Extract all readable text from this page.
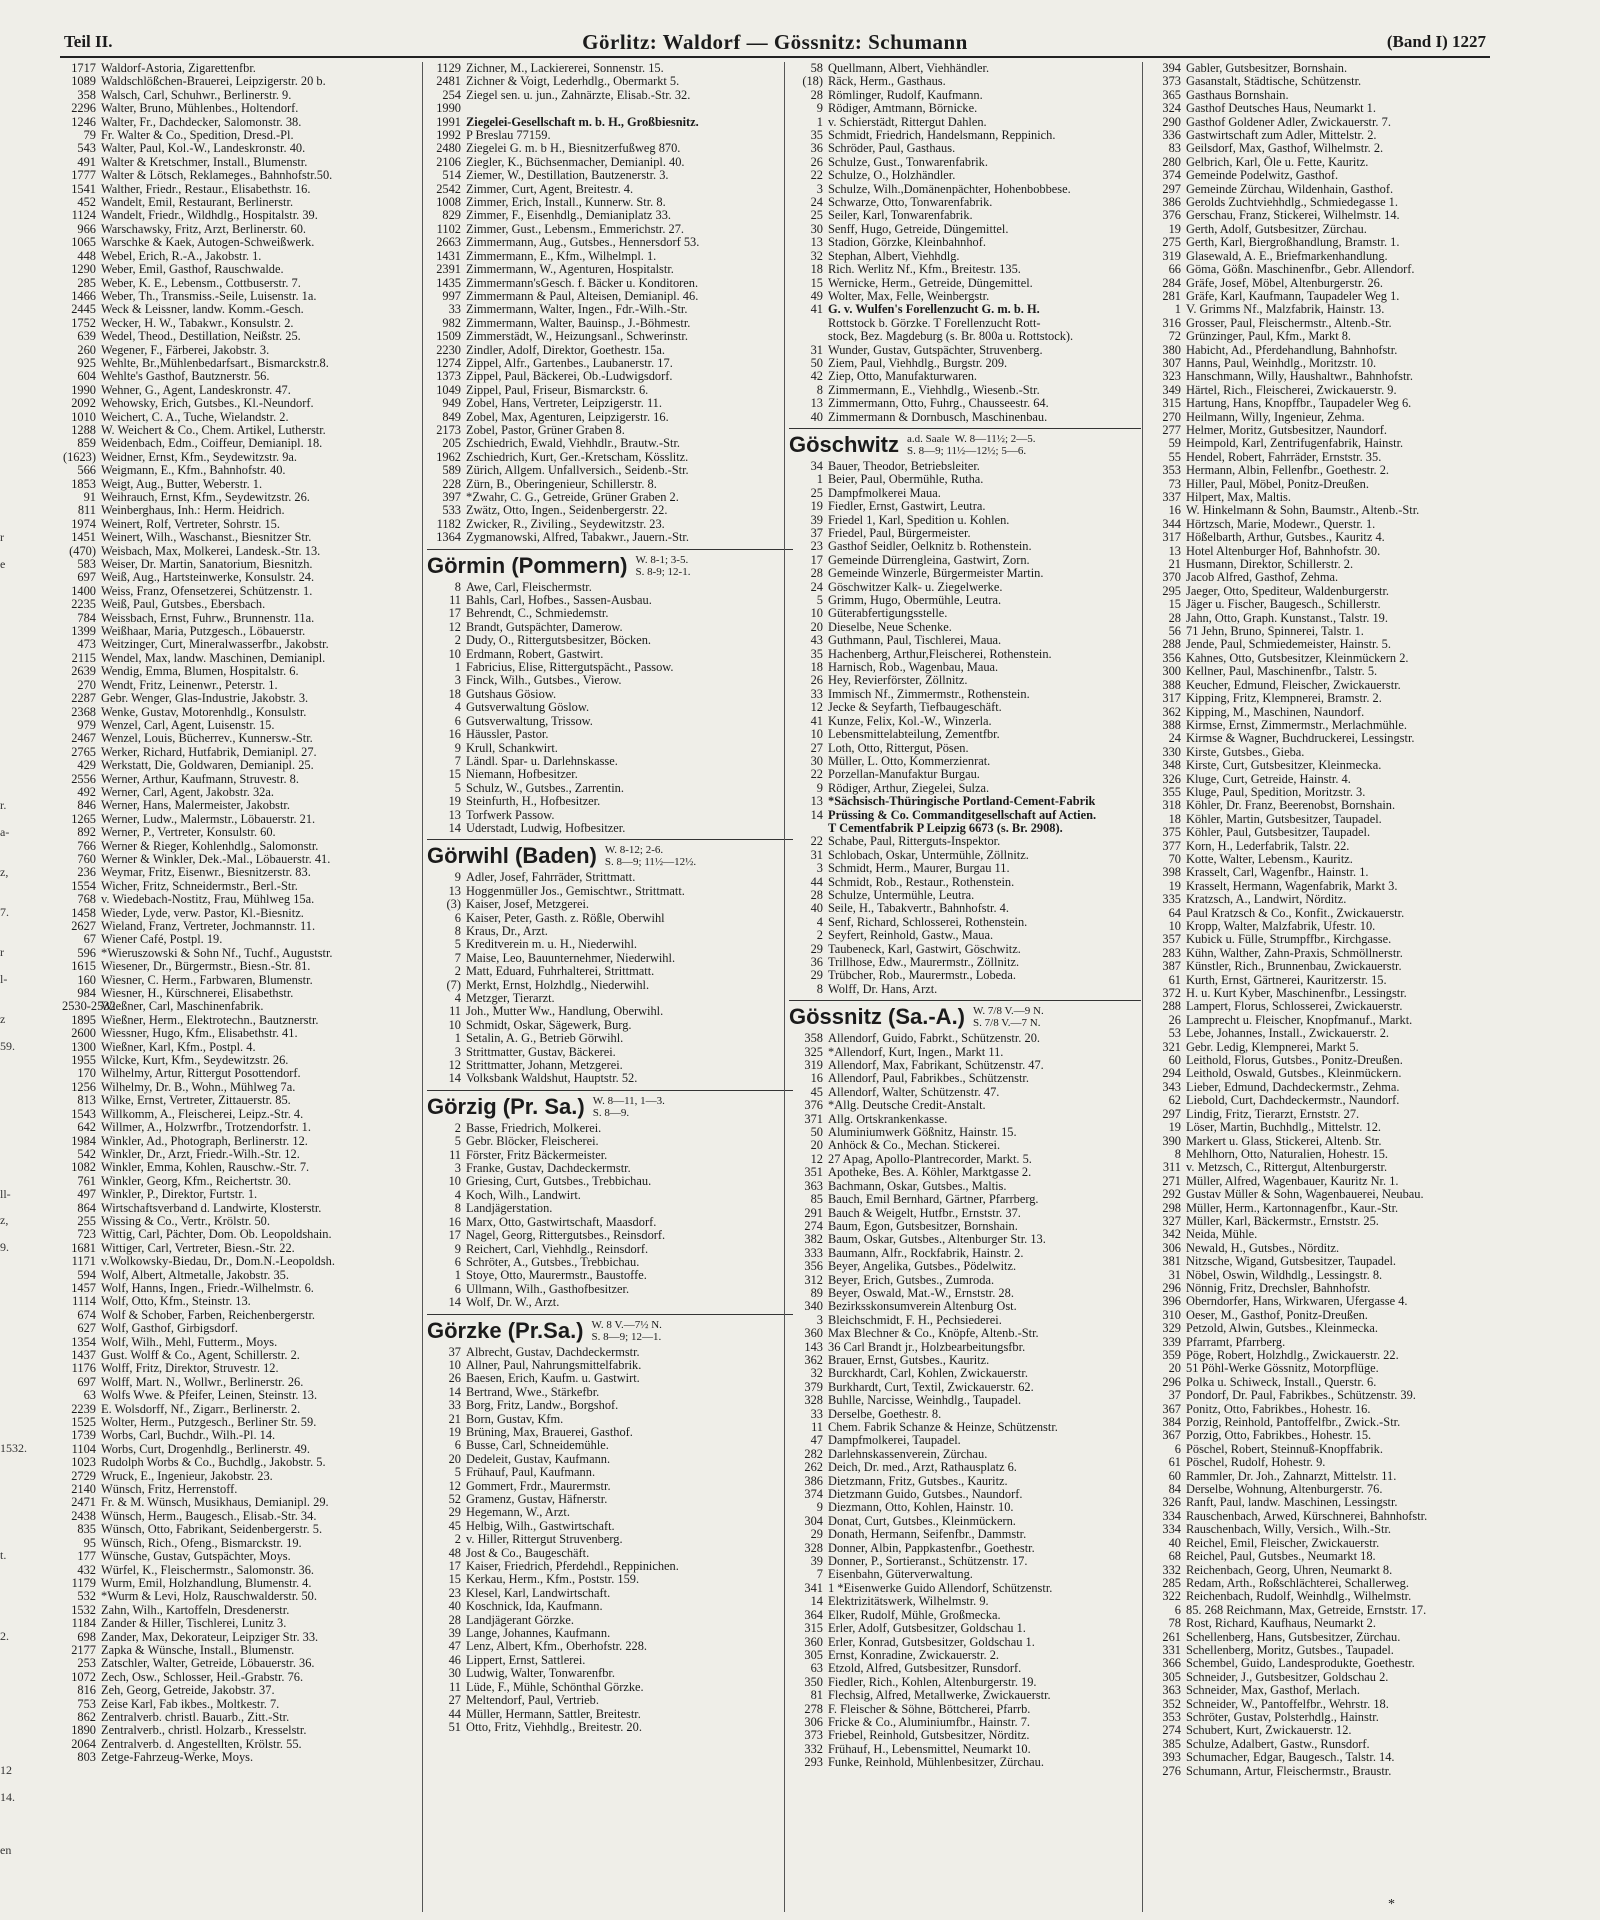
Teil II.	Görlitz: Waldorf — Gössnitz: Schumann	(Band I) 1227
r
e
r.
a-
z,
7.
r
l-
z
59.
ll-
z,
9.
1532.
t.
2.
12
14.
en
1717 Waldorf-Astoria, Zigarettenfbr.
1089 Waldschlößchen-Brauerei, Leipzigerstr. 20 b.
358 Walsch, Carl, Schuhwr., Berlinerstr. 9.
2296 Walter, Bruno, Mühlenbes., Holtendorf.
1246 Walter, Fr., Dachdecker, Salomonstr. 38.
79 Fr. Walter & Co., Spedition, Dresd.-Pl.
543 Walter, Paul, Kol.-W., Landeskronstr. 40.
491 Walter & Kretschmer, Install., Blumenstr.
1777 Walter & Lötsch, Reklameges., Bahnhofstr.50.
1541 Walther, Friedr., Restaur., Elisabethstr. 16.
452 Wandelt, Emil, Restaurant, Berlinerstr.
1124 Wandelt, Friedr., Wildhdlg., Hospitalstr. 39.
966 Warschawsky, Fritz, Arzt, Berlinerstr. 60.
1065 Warschke & Kaek, Autogen-Schweißwerk.
448 Webel, Erich, R.-A., Jakobstr. 1.
1290 Weber, Emil, Gasthof, Rauschwalde.
285 Weber, K. E., Lebensm., Cottbuserstr. 7.
1466 Weber, Th., Transmiss.-Seile, Luisenstr. 1a.
2445 Weck & Leissner, landw. Komm.-Gesch.
1752 Wecker, H. W., Tabakwr., Konsulstr. 2.
639 Wedel, Theod., Destillation, Neißstr. 25.
260 Wegener, F., Färberei, Jakobstr. 3.
925 Wehlte, Br.,Mühlenbedarfsart., Bismarckstr.8.
604 Wehlte's Gasthof, Bautznerstr. 56.
1990 Wehner, G., Agent, Landeskronstr. 47.
2092 Wehowsky, Erich, Gutsbes., Kl.-Neundorf.
1010 Weichert, C. A., Tuche, Wielandstr. 2.
1288 W. Weichert & Co., Chem. Artikel, Lutherstr.
859 Weidenbach, Edm., Coiffeur, Demianipl. 18.
(1623) Weidner, Ernst, Kfm., Seydewitzstr. 9a.
566 Weigmann, E., Kfm., Bahnhofstr. 40.
1853 Weigt, Aug., Butter, Weberstr. 1.
91 Weihrauch, Ernst, Kfm., Seydewitzstr. 26.
811 Weinberghaus, Inh.: Herm. Heidrich.
1974 Weinert, Rolf, Vertreter, Sohrstr. 15.
1451 Weinert, Wilh., Waschanst., Biesnitzer Str.
(470) Weisbach, Max, Molkerei, Landesk.-Str. 13.
583 Weiser, Dr. Martin, Sanatorium, Biesnitzh.
697 Weiß, Aug., Hartsteinwerke, Konsulstr. 24.
1400 Weiss, Franz, Ofensetzerei, Schützenstr. 1.
2235 Weiß, Paul, Gutsbes., Ebersbach.
784 Weissbach, Ernst, Fuhrw., Brunnenstr. 11a.
1399 Weißhaar, Maria, Putzgesch., Löbauerstr.
473 Weitzinger, Curt, Mineralwasserfbr., Jakobstr.
2115 Wendel, Max, landw. Maschinen, Demianipl.
2639 Wendig, Emma, Blumen, Hospitalstr. 6.
270 Wendt, Fritz, Leinenwr., Peterstr. 1.
2287 Gebr. Wenger, Glas-Industrie, Jakobstr. 3.
2368 Wenke, Gustav, Motorenhdlg., Konsulstr.
979 Wenzel, Carl, Agent, Luisenstr. 15.
2467 Wenzel, Louis, Bücherrev., Kunnersw.-Str.
2765 Werker, Richard, Hutfabrik, Demianipl. 27.
429 Werkstatt, Die, Goldwaren, Demianipl. 25.
2556 Werner, Arthur, Kaufmann, Struvestr. 8.
492 Werner, Carl, Agent, Jakobstr. 32a.
846 Werner, Hans, Malermeister, Jakobstr.
1265 Werner, Ludw., Malermstr., Löbauerstr. 21.
892 Werner, P., Vertreter, Konsulstr. 60.
766 Werner & Rieger, Kohlenhdlg., Salomonstr.
760 Werner & Winkler, Dek.-Mal., Löbauerstr. 41.
236 Weymar, Fritz, Eisenwr., Biesnitzerstr. 83.
1554 Wicher, Fritz, Schneidermstr., Berl.-Str.
768 v. Wiedebach-Nostitz, Frau, Mühlweg 15a.
1458 Wieder, Lyde, verw. Pastor, Kl.-Biesnitz.
2627 Wieland, Franz, Vertreter, Jochmannstr. 11.
67 Wiener Café, Postpl. 19.
596 *Wieruszowski & Sohn Nf., Tuchf., Auguststr.
1615 Wiesener, Dr., Bürgermstr., Biesn.-Str. 81.
160 Wiesner, C. Herm., Farbwaren, Blumenstr.
984 Wiesner, H., Kürschnerei, Elisabethstr.
2530-2532
Wießner, Carl, Maschinenfabrik.
1895 Wießner, Herm., Elektrotechn., Bautznerstr.
2600 Wiessner, Hugo, Kfm., Elisabethstr. 41.
1300 Wießner, Karl, Kfm., Postpl. 4.
1955 Wilcke, Kurt, Kfm., Seydewitzstr. 26.
170 Wilhelmy, Artur, Rittergut Posottendorf.
1256 Wilhelmy, Dr. B., Wohn., Mühlweg 7a.
813 Wilke, Ernst, Vertreter, Zittauerstr. 85.
1543 Willkomm, A., Fleischerei, Leipz.-Str. 4.
642 Willmer, A., Holzwrfbr., Trotzendorfstr. 1.
1984 Winkler, Ad., Photograph, Berlinerstr. 12.
542 Winkler, Dr., Arzt, Friedr.-Wilh.-Str. 12.
1082 Winkler, Emma, Kohlen, Rauschw.-Str. 7.
761 Winkler, Georg, Kfm., Reichertstr. 30.
497 Winkler, P., Direktor, Furtstr. 1.
864 Wirtschaftsverband d. Landwirte, Klosterstr.
255 Wissing & Co., Vertr., Krölstr. 50.
723 Wittig, Carl, Pächter, Dom. Ob. Leopoldshain.
1681 Wittiger, Carl, Vertreter, Biesn.-Str. 22.
1171 v.Wolkowsky-Biedau, Dr., Dom.N.-Leopoldsh.
594 Wolf, Albert, Altmetalle, Jakobstr. 35.
1457 Wolf, Hanns, Ingen., Friedr.-Wilhelmstr. 6.
1114 Wolf, Otto, Kfm., Steinstr. 13.
674 Wolf & Schober, Farben, Reichenbergerstr.
627 Wolf, Gasthof, Girbigsdorf.
1354 Wolf, Wilh., Mehl, Futterm., Moys.
1437 Gust. Wolff & Co., Agent, Schillerstr. 2.
1176 Wolff, Fritz, Direktor, Struvestr. 12.
697 Wolff, Mart. N., Wollwr., Berlinerstr. 26.
63 Wolfs Wwe. & Pfeifer, Leinen, Steinstr. 13.
2239 E. Wolsdorff, Nf., Zigarr., Berlinerstr. 2.
1525 Wolter, Herm., Putzgesch., Berliner Str. 59.
1739 Worbs, Carl, Buchdr., Wilh.-Pl. 14.
1104 Worbs, Curt, Drogenhdlg., Berlinerstr. 49.
1023 Rudolph Worbs & Co., Buchdlg., Jakobstr. 5.
2729 Wruck, E., Ingenieur, Jakobstr. 23.
2140 Wünsch, Fritz, Herrenstoff.
2471 Fr. & M. Wünsch, Musikhaus, Demianipl. 29.
2438 Wünsch, Herm., Baugesch., Elisab.-Str. 34.
835 Wünsch, Otto, Fabrikant, Seidenbergerstr. 5.
95 Wünsch, Rich., Ofeng., Bismarckstr. 19.
177 Wünsche, Gustav, Gutspächter, Moys.
432 Würfel, K., Fleischermstr., Salomonstr. 36.
1179 Wurm, Emil, Holzhandlung, Blumenstr. 4.
532 *Wurm & Levi, Holz, Rauschwalderstr. 50.
1532 Zahn, Wilh., Kartoffeln, Dresdenerstr.
1184 Zander & Hiller, Tischlerei, Lunitz 3.
698 Zander, Max, Dekorateur, Leipziger Str. 33.
2177 Zapka & Wünsche, Install., Blumenstr.
253 Zatschler, Walter, Getreide, Löbauerstr. 36.
1072 Zech, Osw., Schlosser, Heil.-Grabstr. 76.
816 Zeh, Georg, Getreide, Jakobstr. 37.
753 Zeise Karl, Fab ikbes., Moltkestr. 7.
862 Zentralverb. christl. Bauarb., Zitt.-Str.
1890 Zentralverb., christl. Holzarb., Kresselstr.
2064 Zentralverb. d. Angestellten, Krölstr. 55.
803 Zetge-Fahrzeug-Werke, Moys.
1129 Zichner, M., Lackiererei, Sonnenstr. 15.
2481 Zichner & Voigt, Lederhdlg., Obermarkt 5.
254 Ziegel sen. u. jun., Zahnärzte, Elisab.-Str. 32.
1990
1991 Ziegelei-Gesellschaft m. b. H., Großbiesnitz.
1992 P Breslau 77159.
2480 Ziegelei G. m. b H., Biesnitzerfußweg 870.
2106 Ziegler, K., Büchsenmacher, Demianipl. 40.
514 Ziemer, W., Destillation, Bautzenerstr. 3.
2542 Zimmer, Curt, Agent, Breitestr. 4.
1008 Zimmer, Erich, Install., Kunnerw. Str. 8.
829 Zimmer, F., Eisenhdlg., Demianiplatz 33.
1102 Zimmer, Gust., Lebensm., Emmerichstr. 27.
2663 Zimmermann, Aug., Gutsbes., Hennersdorf 53.
1431 Zimmermann, E., Kfm., Wilhelmpl. 1.
2391 Zimmermann, W., Agenturen, Hospitalstr.
1435 Zimmermann'sGesch. f. Bäcker u. Konditoren.
997 Zimmermann & Paul, Alteisen, Demianipl. 46.
33 Zimmermann, Walter, Ingen., Fdr.-Wilh.-Str.
982 Zimmermann, Walter, Bauinsp., J.-Böhmestr.
1509 Zimmerstädt, W., Heizungsanl., Schwerinstr.
2230 Zindler, Adolf, Direktor, Goethestr. 15a.
1274 Zippel, Alfr., Gartenbes., Laubanerstr. 17.
1373 Zippel, Paul, Bäckerei, Ob.-Ludwigsdorf.
1049 Zippel, Paul, Friseur, Bismarckstr. 6.
949 Zobel, Hans, Vertreter, Leipzigerstr. 11.
849 Zobel, Max, Agenturen, Leipzigerstr. 16.
2173 Zobel, Pastor, Grüner Graben 8.
205 Zschiedrich, Ewald, Viehhdlr., Brautw.-Str.
1962 Zschiedrich, Kurt, Ger.-Kretscham, Kösslitz.
589 Zürich, Allgem. Unfallversich., Seidenb.-Str.
228 Zürn, B., Oberingenieur, Schillerstr. 8.
397 *Zwahr, C. G., Getreide, Grüner Graben 2.
533 Zwätz, Otto, Ingen., Seidenbergerstr. 22.
1182 Zwicker, R., Ziviling., Seydewitzstr. 23.
1364 Zygmanowski, Alfred, Tabakwr., Jauern.-Str.
Görmin (Pommern) W. 8-1; 3-5.
S. 8-9; 12-1.
8 Awe, Carl, Fleischermstr.
11 Bahls, Carl, Hofbes., Sassen-Ausbau.
17 Behrendt, C., Schmiedemstr.
12 Brandt, Gutspächter, Damerow.
2 Dudy, O., Rittergutsbesitzer, Böcken.
10 Erdmann, Robert, Gastwirt.
1 Fabricius, Elise, Rittergutspächt., Passow.
3 Finck, Wilh., Gutsbes., Vierow.
18 Gutshaus Gösiow.
4 Gutsverwaltung Göslow.
6 Gutsverwaltung, Trissow.
16 Häussler, Pastor.
9 Krull, Schankwirt.
7 Ländl. Spar- u. Darlehnskasse.
15 Niemann, Hofbesitzer.
5 Schulz, W., Gutsbes., Zarrentin.
19 Steinfurth, H., Hofbesitzer.
13 Torfwerk Passow.
14 Uderstadt, Ludwig, Hofbesitzer.
Görwihl (Baden) W. 8-12; 2-6.
S. 8—9; 11½—12½.
9 Adler, Josef, Fahrräder, Strittmatt.
13 Hoggenmüller Jos., Gemischtwr., Strittmatt.
(3) Kaiser, Josef, Metzgerei.
6 Kaiser, Peter, Gasth. z. Rößle, Oberwihl
8 Kraus, Dr., Arzt.
5 Kreditverein m. u. H., Niederwihl.
7 Maise, Leo, Bauunternehmer, Niederwihl.
2 Matt, Eduard, Fuhrhalterei, Strittmatt.
(7) Merkt, Ernst, Holzhdlg., Niederwihl.
4 Metzger, Tierarzt.
11 Joh., Mutter Ww., Handlung, Oberwihl.
10 Schmidt, Oskar, Sägewerk, Burg.
1 Setalin, A. G., Betrieb Görwihl.
3 Strittmatter, Gustav, Bäckerei.
12 Strittmatter, Johann, Metzgerei.
14 Volksbank Waldshut, Hauptstr. 52.
Görzig (Pr. Sa.) W. 8—11, 1—3.
S. 8—9.
2 Basse, Friedrich, Molkerei.
5 Gebr. Blöcker, Fleischerei.
11 Förster, Fritz Bäckermeister.
3 Franke, Gustav, Dachdeckermstr.
10 Griesing, Curt, Gutsbes., Trebbichau.
4 Koch, Wilh., Landwirt.
8 Landjägerstation.
16 Marx, Otto, Gastwirtschaft, Maasdorf.
17 Nagel, Georg, Rittergutsbes., Reinsdorf.
9 Reichert, Carl, Viehhdlg., Reinsdorf.
6 Schröter, A., Gutsbes., Trebbichau.
1 Stoye, Otto, Maurermstr., Baustoffe.
6 Ullmann, Wilh., Gasthofbesitzer.
14 Wolf, Dr. W., Arzt.
Görzke (Pr.Sa.) W. 8 V.—7½ N.
S. 8—9; 12—1.
37 Albrecht, Gustav, Dachdeckermstr.
10 Allner, Paul, Nahrungsmittelfabrik.
26 Baesen, Erich, Kaufm. u. Gastwirt.
14 Bertrand, Wwe., Stärkefbr.
33 Borg, Fritz, Landw., Borgshof.
21 Born, Gustav, Kfm.
19 Brüning, Max, Brauerei, Gasthof.
6 Busse, Carl, Schneidemühle.
20 Dedeleit, Gustav, Kaufmann.
5 Frühauf, Paul, Kaufmann.
12 Gommert, Frdr., Maurermstr.
52 Gramenz, Gustav, Häfnerstr.
29 Hegemann, W., Arzt.
45 Helbig, Wilh., Gastwirtschaft.
2 v. Hiller, Rittergut Struvenberg.
48 Jost & Co., Baugeschäft.
17 Kaiser, Friedrich, Pferdehdl., Reppinichen.
15 Kerkau, Herm., Kfm., Poststr. 159.
23 Klesel, Karl, Landwirtschaft.
40 Koschnick, Ida, Kaufmann.
28 Landjägerant Görzke.
39 Lange, Johannes, Kaufmann.
47 Lenz, Albert, Kfm., Oberhofstr. 228.
46 Lippert, Ernst, Sattlerei.
30 Ludwig, Walter, Tonwarenfbr.
11 Lüde, F., Mühle, Schönthal Görzke.
27 Meltendorf, Paul, Vertrieb.
44 Müller, Hermann, Sattler, Breitestr.
51 Otto, Fritz, Viehhdlg., Breitestr. 20.
58 Quellmann, Albert, Viehhändler.
(18) Räck, Herm., Gasthaus.
28 Römlinger, Rudolf, Kaufmann.
9 Rödiger, Amtmann, Börnicke.
1 v. Schierstädt, Rittergut Dahlen.
35 Schmidt, Friedrich, Handelsmann, Reppinich.
36 Schröder, Paul, Gasthaus.
26 Schulze, Gust., Tonwarenfabrik.
22 Schulze, O., Holzhändler.
3 Schulze, Wilh.,Domänenpächter, Hohenbobbese.
24 Schwarze, Otto, Tonwarenfabrik.
25 Seiler, Karl, Tonwarenfabrik.
30 Senff, Hugo, Getreide, Düngemittel.
13 Stadion, Görzke, Kleinbahnhof.
32 Stephan, Albert, Viehhdlg.
18 Rich. Werlitz Nf., Kfm., Breitestr. 135.
15 Wernicke, Herm., Getreide, Düngemittel.
49 Wolter, Max, Felle, Weinbergstr.
41 G. v. Wulfen's Forellenzucht G. m. b. H.
Rottstock b. Görzke. T Forellenzucht Rott-
stock, Bez. Magdeburg (s. Br. 800a u. Rottstock).
31 Wunder, Gustav, Gutspächter, Struvenberg.
50 Ziem, Paul, Viehhdlg., Burgstr. 209.
42 Ziep, Otto, Manufakturwaren.
8 Zimmermann, E., Viehhdlg., Wiesenb.-Str.
13 Zimmermann, Otto, Fuhrg., Chausseestr. 64.
40 Zimmermann & Dornbusch, Maschinenbau.
Göschwitz a.d. Saale  W. 8—11½; 2—5.
S. 8—9; 11½—12½; 5—6.
34 Bauer, Theodor, Betriebsleiter.
1 Beier, Paul, Obermühle, Rutha.
25 Dampfmolkerei Maua.
19 Fiedler, Ernst, Gastwirt, Leutra.
39 Friedel 1, Karl, Spedition u. Kohlen.
37 Friedel, Paul, Bürgermeister.
23 Gasthof Seidler, Oelknitz b. Rothenstein.
17 Gemeinde Dürrengleina, Gastwirt, Zorn.
28 Gemeinde Winzerle, Bürgermeister Martin.
24 Göschwitzer Kalk- u. Ziegelwerke.
5 Grimm, Hugo, Obermühle, Leutra.
10 Güterabfertigungsstelle.
20 Dieselbe, Neue Schenke.
43 Guthmann, Paul, Tischlerei, Maua.
35 Hachenberg, Arthur,Fleischerei, Rothenstein.
18 Harnisch, Rob., Wagenbau, Maua.
26 Hey, Revierförster, Zöllnitz.
33 Immisch Nf., Zimmermstr., Rothenstein.
12 Jecke & Seyfarth, Tiefbaugeschäft.
41 Kunze, Felix, Kol.-W., Winzerla.
10 Lebensmittelabteilung, Zementfbr.
27 Loth, Otto, Rittergut, Pösen.
30 Müller, L. Otto, Kommerzienrat.
22 Porzellan-Manufaktur Burgau.
9 Rödiger, Arthur, Ziegelei, Sulza.
13 *Sächsisch-Thüringische Portland-Cement-Fabrik
14 Prüssing & Co. Commanditgesellschaft auf Actien.
T Cementfabrik P Leipzig 6673 (s. Br. 2908).
22 Schabe, Paul, Ritterguts-Inspektor.
31 Schlobach, Oskar, Untermühle, Zöllnitz.
3 Schmidt, Herm., Maurer, Burgau 11.
44 Schmidt, Rob., Restaur., Rothenstein.
28 Schulze, Untermühle, Leutra.
40 Seile, H., Tabakvertr., Bahnhofstr. 4.
4 Senf, Richard, Schlosserei, Rothenstein.
2 Seyfert, Reinhold, Gastw., Maua.
29 Taubeneck, Karl, Gastwirt, Göschwitz.
36 Trillhose, Edw., Maurermstr., Zöllnitz.
29 Trübcher, Rob., Maurermstr., Lobeda.
8 Wolff, Dr. Hans, Arzt.
Gössnitz (Sa.-A.) W. 7/8 V.—9 N.
S. 7/8 V.—7 N.
358 Allendorf, Guido, Fabrkt., Schützenstr. 20.
325 *Allendorf, Kurt, Ingen., Markt 11.
319 Allendorf, Max, Fabrikant, Schützenstr. 47.
16 Allendorf, Paul, Fabrikbes., Schützenstr.
45 Allendorf, Walter, Schützenstr. 47.
376 *Allg. Deutsche Credit-Anstalt.
371 Allg. Ortskrankenkasse.
50 Aluminiumwerk Gößnitz, Hainstr. 15.
20 Anhöck & Co., Mechan. Stickerei.
12 27 Apag, Apollo-Plantrecorder, Markt. 5.
351 Apotheke, Bes. A. Köhler, Marktgasse 2.
363 Bachmann, Oskar, Gutsbes., Maltis.
85 Bauch, Emil Bernhard, Gärtner, Pfarrberg.
291 Bauch & Weigelt, Hutfbr., Ernststr. 37.
274 Baum, Egon, Gutsbesitzer, Bornshain.
382 Baum, Oskar, Gutsbes., Altenburger Str. 13.
333 Baumann, Alfr., Rockfabrik, Hainstr. 2.
356 Beyer, Angelika, Gutsbes., Pödelwitz.
312 Beyer, Erich, Gutsbes., Zumroda.
89 Beyer, Oswald, Mat.-W., Ernststr. 28.
340 Bezirksskonsumverein Altenburg Ost.
3 Bleichschmidt, F. H., Pechsiederei.
360 Max Blechner & Co., Knöpfe, Altenb.-Str.
143 36 Carl Brandt jr., Holzbearbeitungsfbr.
362 Brauer, Ernst, Gutsbes., Kauritz.
32 Burckhardt, Carl, Kohlen, Zwickauerstr.
379 Burkhardt, Curt, Textil, Zwickauerstr. 62.
328 Buhlle, Narcisse, Weinhdlg., Taupadel.
33 Derselbe, Goethestr. 8.
11 Chem. Fabrik Schanze & Heinze, Schützenstr.
47 Dampfmolkerei, Taupadel.
282 Darlehnskassenverein, Zürchau.
262 Deich, Dr. med., Arzt, Rathausplatz 6.
386 Dietzmann, Fritz, Gutsbes., Kauritz.
374 Dietzmann Guido, Gutsbes., Naundorf.
9 Diezmann, Otto, Kohlen, Hainstr. 10.
304 Donat, Curt, Gutsbes., Kleinmückern.
29 Donath, Hermann, Seifenfbr., Dammstr.
328 Donner, Albin, Pappkastenfbr., Goethestr.
39 Donner, P., Sortieranst., Schützenstr. 17.
7 Eisenbahn, Güterverwaltung.
341 1 *Eisenwerke Guido Allendorf, Schützenstr.
14 Elektrizitätswerk, Wilhelmstr. 9.
364 Elker, Rudolf, Mühle, Großmecka.
315 Erler, Adolf, Gutsbesitzer, Goldschau 1.
360 Erler, Konrad, Gutsbesitzer, Goldschau 1.
305 Ernst, Konradine, Zwickauerstr. 2.
63 Etzold, Alfred, Gutsbesitzer, Runsdorf.
350 Fiedler, Rich., Kohlen, Altenburgerstr. 19.
81 Flechsig, Alfred, Metallwerke, Zwickauerstr.
278 F. Fleischer & Söhne, Böttcherei, Pfarrb.
306 Fricke & Co., Aluminiumfbr., Hainstr. 7.
373 Friebel, Reinhold, Gutsbesitzer, Nörditz.
332 Frühauf, H., Lebensmittel, Neumarkt 10.
293 Funke, Reinhold, Mühlenbesitzer, Zürchau.
394 Gabler, Gutsbesitzer, Bornshain.
373 Gasanstalt, Städtische, Schützenstr.
365 Gasthaus Bornshain.
324 Gasthof Deutsches Haus, Neumarkt 1.
290 Gasthof Goldener Adler, Zwickauerstr. 7.
336 Gastwirtschaft zum Adler, Mittelstr. 2.
83 Geilsdorf, Max, Gasthof, Wilhelmstr. 2.
280 Gelbrich, Karl, Öle u. Fette, Kauritz.
374 Gemeinde Podelwitz, Gasthof.
297 Gemeinde Zürchau, Wildenhain, Gasthof.
386 Gerolds Zuchtviehhdlg., Schmiedegasse 1.
376 Gerschau, Franz, Stickerei, Wilhelmstr. 14.
19 Gerth, Adolf, Gutsbesitzer, Zürchau.
275 Gerth, Karl, Biergroßhandlung, Bramstr. 1.
319 Glasewald, A. E., Briefmarkenhandlung.
66 Göma, Gößn. Maschinenfbr., Gebr. Allendorf.
284 Gräfe, Josef, Möbel, Altenburgerstr. 26.
281 Gräfe, Karl, Kaufmann, Taupadeler Weg 1.
1 V. Grimms Nf., Malzfabrik, Hainstr. 13.
316 Grosser, Paul, Fleischermstr., Altenb.-Str.
72 Grünzinger, Paul, Kfm., Markt 8.
380 Habicht, Ad., Pferdehandlung, Bahnhofstr.
307 Hanns, Paul, Weinhdlg., Moritzstr. 10.
323 Hanschmann, Willy, Haushaltwr., Bahnhofstr.
349 Härtel, Rich., Fleischerei, Zwickauerstr. 9.
315 Hartung, Hans, Knopffbr., Taupadeler Weg 6.
270 Heilmann, Willy, Ingenieur, Zehma.
277 Helmer, Moritz, Gutsbesitzer, Naundorf.
59 Heimpold, Karl, Zentrifugenfabrik, Hainstr.
55 Hendel, Robert, Fahrräder, Ernststr. 35.
353 Hermann, Albin, Fellenfbr., Goethestr. 2.
73 Hiller, Paul, Möbel, Ponitz-Dreußen.
337 Hilpert, Max, Maltis.
16 W. Hinkelmann & Sohn, Baumstr., Altenb.-Str.
344 Hörtzsch, Marie, Modewr., Querstr. 1.
317 Hößelbarth, Arthur, Gutsbes., Kauritz 4.
13 Hotel Altenburger Hof, Bahnhofstr. 30.
21 Husmann, Direktor, Schillerstr. 2.
370 Jacob Alfred, Gasthof, Zehma.
295 Jaeger, Otto, Spediteur, Waldenburgerstr.
15 Jäger u. Fischer, Baugesch., Schillerstr.
28 Jahn, Otto, Graph. Kunstanst., Talstr. 19.
56 71 Jehn, Bruno, Spinnerei, Talstr. 1.
288 Jende, Paul, Schmiedemeister, Hainstr. 5.
356 Kahnes, Otto, Gutsbesitzer, Kleinmückern 2.
300 Kellner, Paul, Maschinenfbr., Talstr. 5.
388 Keucher, Edmund, Fleischer, Zwickauerstr.
317 Kipping, Fritz, Klempnerei, Bramstr. 2.
362 Kipping, M., Maschinen, Naundorf.
388 Kirmse, Ernst, Zimmermstr., Merlachmühle.
24 Kirmse & Wagner, Buchdruckerei, Lessingstr.
330 Kirste, Gutsbes., Gieba.
348 Kirste, Curt, Gutsbesitzer, Kleinmecka.
326 Kluge, Curt, Getreide, Hainstr. 4.
355 Kluge, Paul, Spedition, Moritzstr. 3.
318 Köhler, Dr. Franz, Beerenobst, Bornshain.
18 Köhler, Martin, Gutsbesitzer, Taupadel.
375 Köhler, Paul, Gutsbesitzer, Taupadel.
377 Korn, H., Lederfabrik, Talstr. 22.
70 Kotte, Walter, Lebensm., Kauritz.
398 Krasselt, Carl, Wagenfbr., Hainstr. 1.
19 Krasselt, Hermann, Wagenfabrik, Markt 3.
335 Kratzsch, A., Landwirt, Nörditz.
64 Paul Kratzsch & Co., Konfit., Zwickauerstr.
10 Kropp, Walter, Malzfabrik, Ufestr. 10.
357 Kubick u. Fülle, Strumpffbr., Kirchgasse.
283 Kühn, Walther, Zahn-Praxis, Schmöllnerstr.
387 Künstler, Rich., Brunnenbau, Zwickauerstr.
61 Kurth, Ernst, Gärtnerei, Kauritzerstr. 15.
372 H. u. Kurt Kyber, Maschinenfbr., Lessingstr.
288 Lampert, Florus, Schlosserei, Zwickauerstr.
26 Lamprecht u. Fleischer, Knopfmanuf., Markt.
53 Lebe, Johannes, Install., Zwickauerstr. 2.
321 Gebr. Ledig, Klempnerei, Markt 5.
60 Leithold, Florus, Gutsbes., Ponitz-Dreußen.
294 Leithold, Oswald, Gutsbes., Kleinmückern.
343 Lieber, Edmund, Dachdeckermstr., Zehma.
62 Liebold, Curt, Dachdeckermstr., Naundorf.
297 Lindig, Fritz, Tierarzt, Ernststr. 27.
19 Löser, Martin, Buchhdlg., Mittelstr. 12.
390 Markert u. Glass, Stickerei, Altenb. Str.
8 Mehlhorn, Otto, Naturalien, Hohestr. 15.
311 v. Metzsch, C., Rittergut, Altenburgerstr.
271 Müller, Alfred, Wagenbauer, Kauritz Nr. 1.
292 Gustav Müller & Sohn, Wagenbauerei, Neubau.
298 Müller, Herm., Kartonnagenfbr., Kaur.-Str.
327 Müller, Karl, Bäckermstr., Ernststr. 25.
342 Neida, Mühle.
306 Newald, H., Gutsbes., Nörditz.
381 Nitzsche, Wigand, Gutsbesitzer, Taupadel.
31 Nöbel, Oswin, Wildhdlg., Lessingstr. 8.
296 Nönnig, Fritz, Drechsler, Bahnhofstr.
396 Oberndorfer, Hans, Wirkwaren, Ufergasse 4.
310 Oeser, M., Gasthof, Ponitz-Dreußen.
329 Petzold, Alwin, Gutsbes., Kleinmecka.
339 Pfarramt, Pfarrberg.
359 Pöge, Robert, Holzhdlg., Zwickauerstr. 22.
20 51 Pöhl-Werke Gössnitz, Motorpflüge.
296 Polka u. Schiweck, Install., Querstr. 6.
37 Pondorf, Dr. Paul, Fabrikbes., Schützenstr. 39.
367 Ponitz, Otto, Fabrikbes., Hohestr. 16.
384 Porzig, Reinhold, Pantoffelfbr., Zwick.-Str.
367 Porzig, Otto, Fabrikbes., Hohestr. 15.
6 Pöschel, Robert, Steinnuß-Knopffabrik.
61 Pöschel, Rudolf, Hohestr. 9.
60 Rammler, Dr. Joh., Zahnarzt, Mittelstr. 11.
84 Derselbe, Wohnung, Altenburgerstr. 76.
326 Ranft, Paul, landw. Maschinen, Lessingstr.
334 Rauschenbach, Arwed, Kürschnerei, Bahnhofstr.
334 Rauschenbach, Willy, Versich., Wilh.-Str.
40 Reichel, Emil, Fleischer, Zwickauerstr.
68 Reichel, Paul, Gutsbes., Neumarkt 18.
332 Reichenbach, Georg, Uhren, Neumarkt 8.
285 Redam, Arth., Roßschlächterei, Schallerweg.
322 Reichenbach, Rudolf, Weinhdlg., Wilhelmstr.
6 85. 268 Reichmann, Max, Getreide, Ernststr. 17.
78 Rost, Richard, Kaufhaus, Neumarkt 2.
261 Schellenberg, Hans, Gutsbesitzer, Zürchau.
331 Schellenberg, Moritz, Gutsbes., Taupadel.
366 Schembel, Guido, Landesprodukte, Goethestr.
305 Schneider, J., Gutsbesitzer, Goldschau 2.
363 Schneider, Max, Gasthof, Merlach.
352 Schneider, W., Pantoffelfbr., Wehrstr. 18.
353 Schröter, Gustav, Polsterhdlg., Hainstr.
274 Schubert, Kurt, Zwickauerstr. 12.
385 Schulze, Adalbert, Gastw., Runsdorf.
393 Schumacher, Edgar, Baugesch., Talstr. 14.
276 Schumann, Artur, Fleischermstr., Braustr.
*
